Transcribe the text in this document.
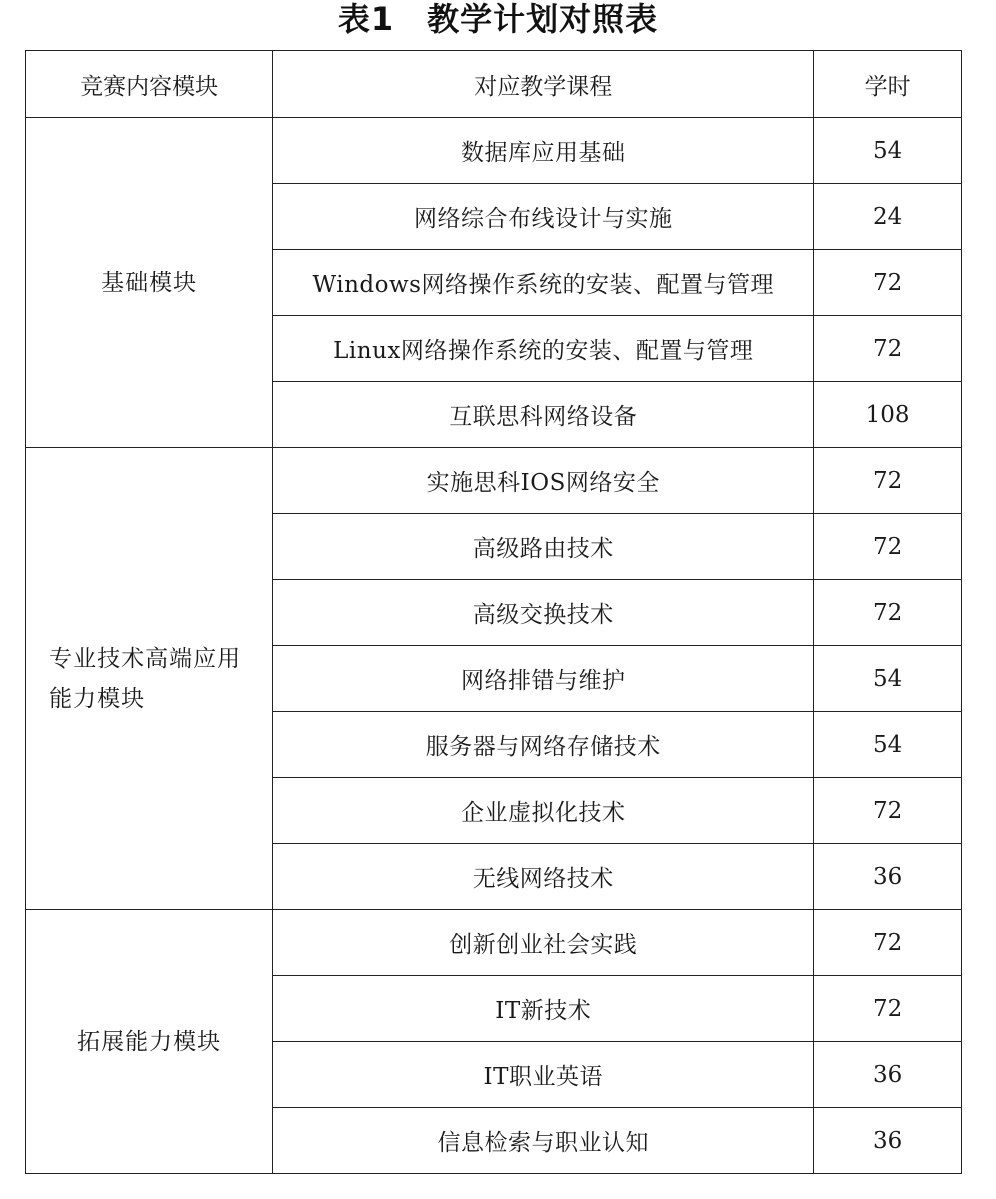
表1　教学计划对照表
竞赛内容模块	对应教学课程	学时
基础模块	数据库应用基础	54
	网络综合布线设计与实施	24
	Windows网络操作系统的安装、配置与管理	72
	Linux网络操作系统的安装、配置与管理	72
	互联思科网络设备	108
专业技术高端应用能力模块	实施思科IOS网络安全	72
	高级路由技术	72
	高级交换技术	72
	网络排错与维护	54
	服务器与网络存储技术	54
	企业虚拟化技术	72
	无线网络技术	36
拓展能力模块	创新创业社会实践	72
	IT新技术	72
	IT职业英语	36
	信息检索与职业认知	36
